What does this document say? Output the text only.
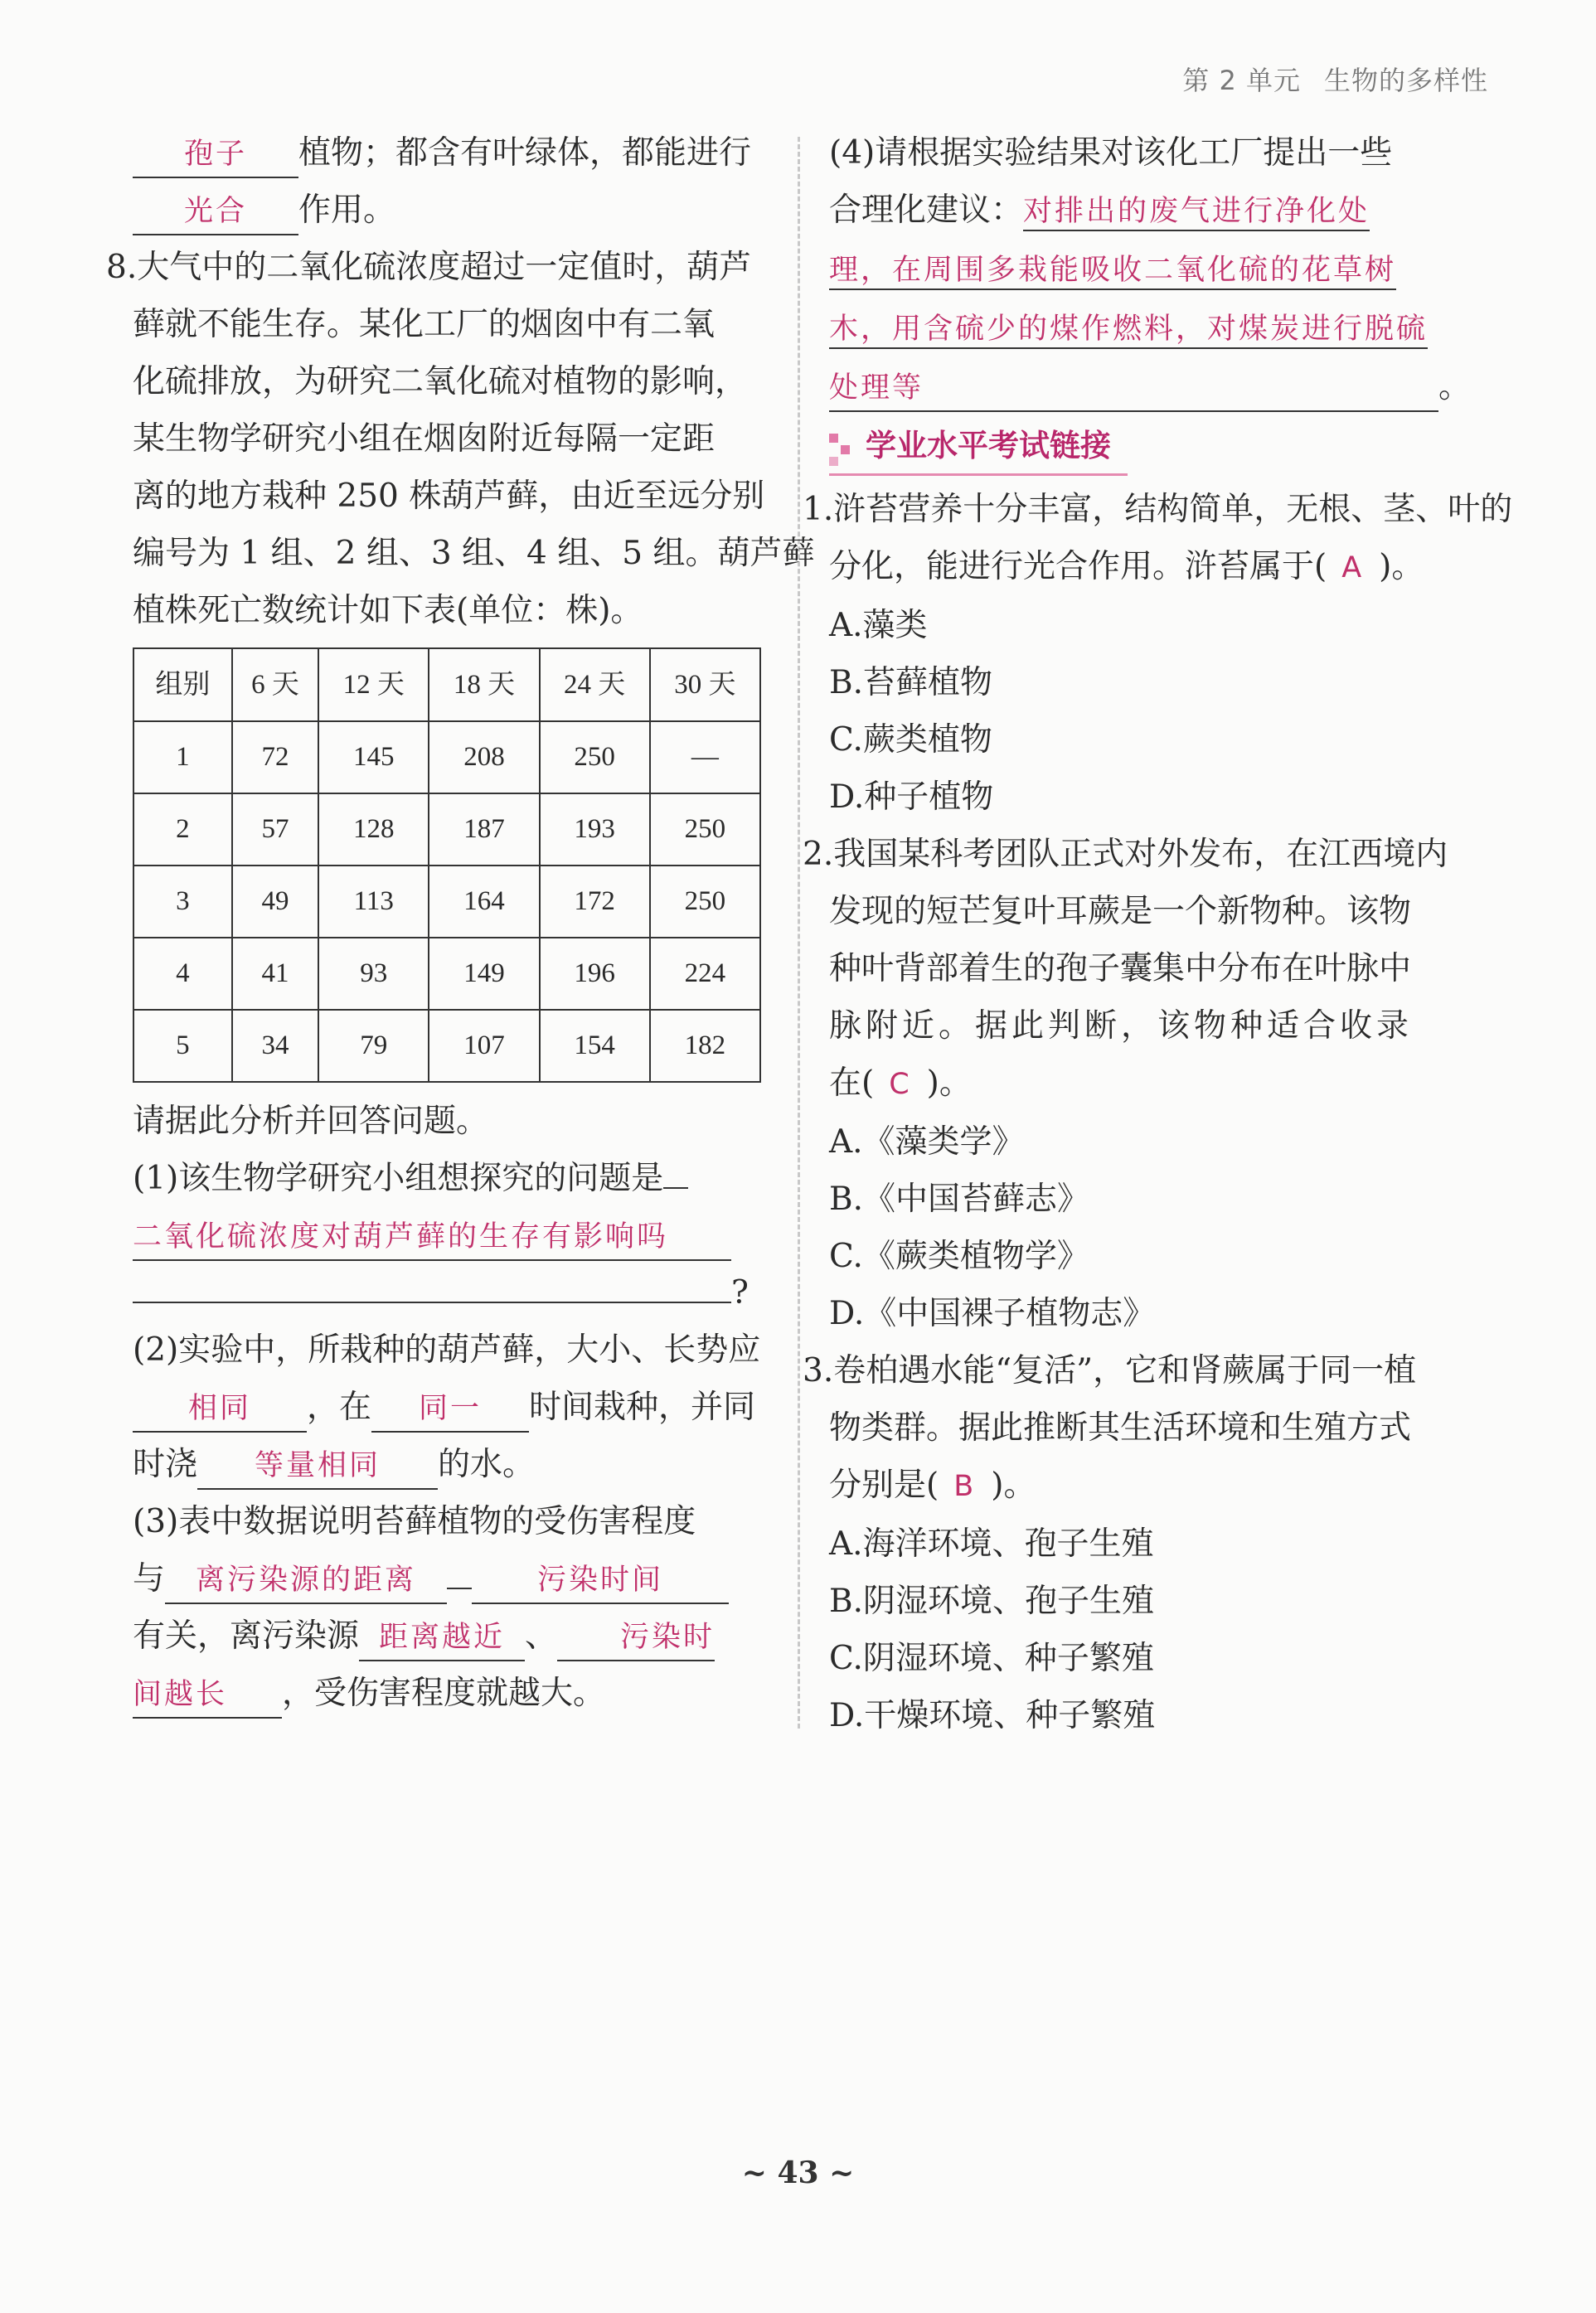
第 2 单元 生物的多样性
孢子 植物；都含有叶绿体，都能进行
光合 作用。
8.大气中的二氧化硫浓度超过一定值时，葫芦
藓就不能生存。某化工厂的烟囱中有二氧
化硫排放，为研究二氧化硫对植物的影响，
某生物学研究小组在烟囱附近每隔一定距
离的地方栽种 250 株葫芦藓，由近至远分别
编号为 1 组、2 组、3 组、4 组、5 组。葫芦藓
植株死亡数统计如下表(单位：株)。
组别	6 天	12 天	18 天	24 天	30 天
1	72	145	208	250	—
2	57	128	187	193	250
3	49	113	164	172	250
4	41	93	149	196	224
5	34	79	107	154	182
请据此分析并回答问题。
(1)该生物学研究小组想探究的问题是
二氧化硫浓度对葫芦藓的生存有影响吗
?
(2)实验中，所栽种的葫芦藓，大小、长势应
相同 ，在 同一 时间栽种，并同
时浇 等量相同 的水。
(3)表中数据说明苔藓植物的受伤害程度
与 离污染源的距离	污染时间
有关，离污染源 距离越近 、 污染时
间越长 ，受伤害程度就越大。
(4)请根据实验结果对该化工厂提出一些
合理化建议：对排出的废气进行净化处
理，在周围多栽能吸收二氧化硫的花草树
木，用含硫少的煤作燃料，对煤炭进行脱硫
处理等	。
学业水平考试链接
1.浒苔营养十分丰富，结构简单，无根、茎、叶的
分化，能进行光合作用。浒苔属于( A )。
A.藻类
B.苔藓植物
C.蕨类植物
D.种子植物
2.我国某科考团队正式对外发布，在江西境内
发现的短芒复叶耳蕨是一个新物种。该物
种叶背部着生的孢子囊集中分布在叶脉中
脉附近。据此判断，该物种适合收录
在( C )。
A.《藻类学》
B.《中国苔藓志》
C.《蕨类植物学》
D.《中国裸子植物志》
3.卷柏遇水能“复活”，它和肾蕨属于同一植
物类群。据此推断其生活环境和生殖方式
分别是( B )。
A.海洋环境、孢子生殖
B.阴湿环境、孢子生殖
C.阴湿环境、种子繁殖
D.干燥环境、种子繁殖
~ 43 ~
